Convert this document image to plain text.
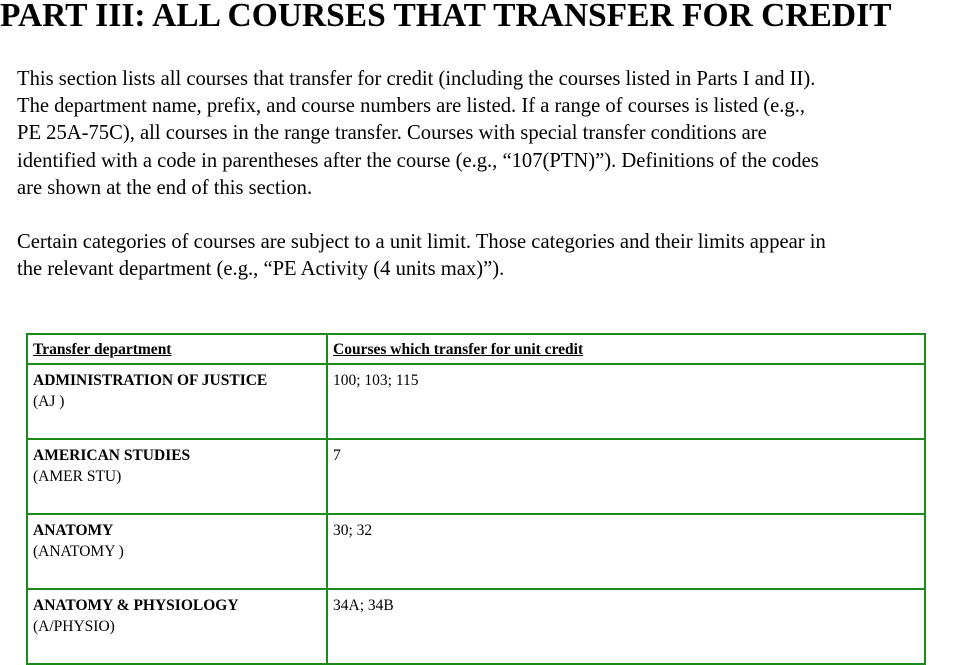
PART III: ALL COURSES THAT TRANSFER FOR CREDIT

This section lists all courses that transfer for credit (including the courses listed in Parts I and II).
The department name, prefix, and course numbers are listed. If a range of courses is listed (e.g.,
PE 25A-75C), all courses in the range transfer. Courses with special transfer conditions are
identified with a code in parentheses after the course (e.g., “107(PTN)”). Definitions of the codes
are shown at the end of this section.

Certain categories of courses are subject to a unit limit. Those categories and their limits appear in
the relevant department (e.g., “PE Activity (4 units max)”).

Transfer department	Courses which transfer for unit credit

ADMINISTRATION OF JUSTICE
(AJ )	100; 103; 115

AMERICAN STUDIES
(AMER STU)	7

ANATOMY
(ANATOMY )	30; 32

ANATOMY & PHYSIOLOGY
(A/PHYSIO)	34A; 34B
